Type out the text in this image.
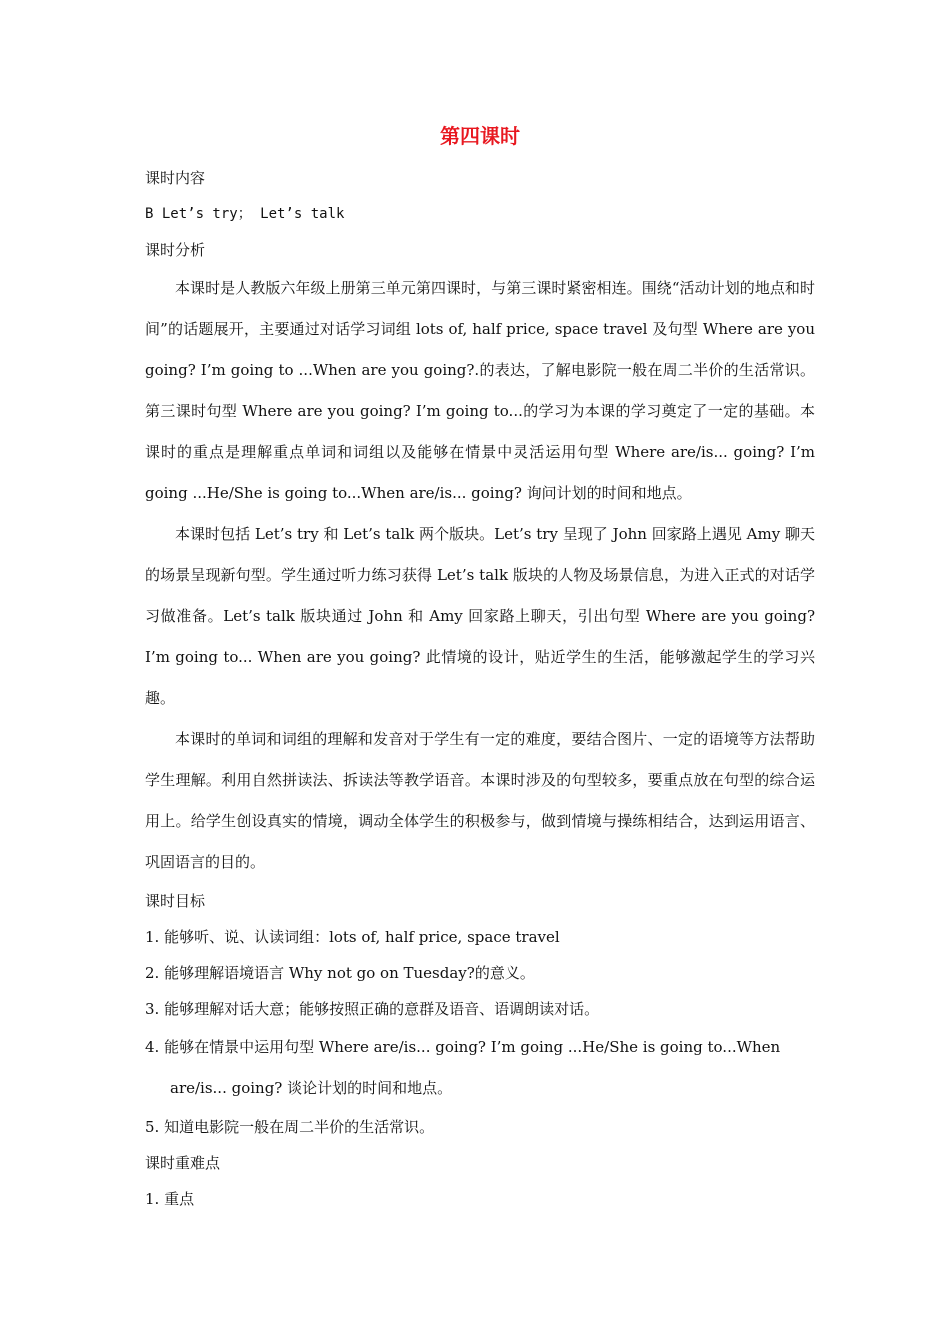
第四课时

课时内容

B Let’s try； Let’s talk

课时分析

本课时是人教版六年级上册第三单元第四课时，与第三课时紧密相连。围绕“活动计划的地点和时间”的话题展开，主要通过对话学习词组 lots of, half price, space travel 及句型 Where are you going? I’m going to ...When are you going?.的表达，了解电影院一般在周二半价的生活常识。第三课时句型 Where are you going? I’m going to...的学习为本课的学习奠定了一定的基础。本课时的重点是理解重点单词和词组以及能够在情景中灵活运用句型 Where are/is... going? I’m going ...He/She is going to...When are/is... going? 询问计划的时间和地点。

本课时包括 Let’s try 和 Let’s talk 两个版块。Let’s try 呈现了 John 回家路上遇见 Amy 聊天的场景呈现新句型。学生通过听力练习获得 Let’s talk 版块的人物及场景信息，为进入正式的对话学习做准备。Let’s talk 版块通过 John 和 Amy 回家路上聊天，引出句型 Where are you going? I’m going to... When are you going? 此情境的设计，贴近学生的生活，能够激起学生的学习兴趣。

本课时的单词和词组的理解和发音对于学生有一定的难度，要结合图片、一定的语境等方法帮助学生理解。利用自然拼读法、拆读法等教学语音。本课时涉及的句型较多，要重点放在句型的综合运用上。给学生创设真实的情境，调动全体学生的积极参与，做到情境与操练相结合，达到运用语言、巩固语言的目的。

课时目标

1. 能够听、说、认读词组：lots of, half price, space travel

2. 能够理解语境语言 Why not go on Tuesday?的意义。

3. 能够理解对话大意；能够按照正确的意群及语音、语调朗读对话。

4. 能够在情景中运用句型 Where are/is... going? I’m going ...He/She is going to...When are/is... going? 谈论计划的时间和地点。

5. 知道电影院一般在周二半价的生活常识。

课时重难点

1. 重点
